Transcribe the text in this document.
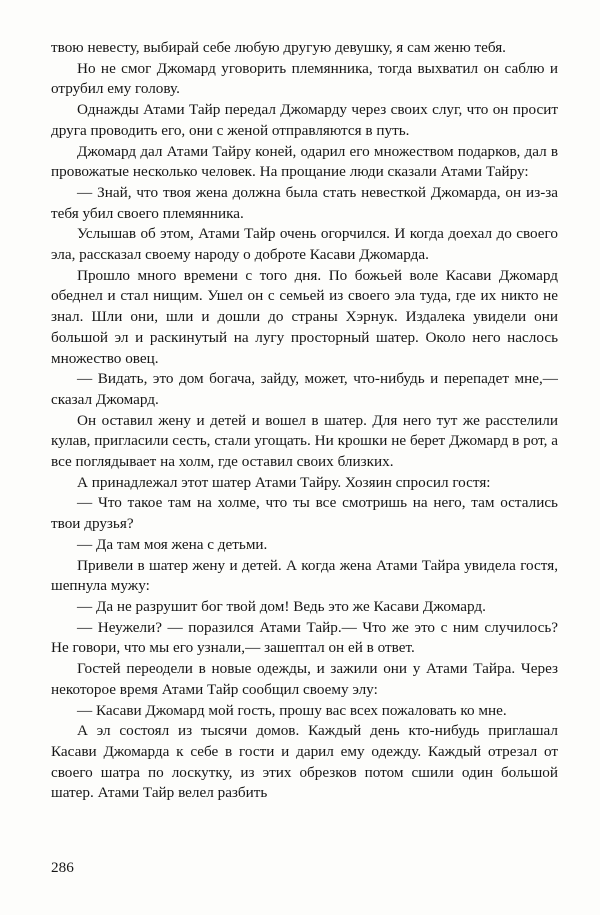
твою невесту, выбирай себе любую другую девушку, я сам женю тебя.

Но не смог Джомард уговорить племянника, тогда выхватил он саблю и отрубил ему голову.

Однажды Атами Тайр передал Джомарду через своих слуг, что он просит друга проводить его, они с женой отправляются в путь.

Джомард дал Атами Тайру коней, одарил его множеством подарков, дал в провожатые несколько человек. На прощание люди сказали Атами Тайру:

— Знай, что твоя жена должна была стать невесткой Джомарда, он из-за тебя убил своего племянника.

Услышав об этом, Атами Тайр очень огорчился. И когда доехал до своего эла, рассказал своему народу о доброте Касави Джомарда.

Прошло много времени с того дня. По божьей воле Касави Джомард обеднел и стал нищим. Ушел он с семьей из своего эла туда, где их никто не знал. Шли они, шли и дошли до страны Хэрнук. Издалека увидели они большой эл и раскинутый на лугу просторный шатер. Около него наслось множество овец.

— Видать, это дом богача, зайду, может, что-нибудь и перепадет мне,— сказал Джомард.

Он оставил жену и детей и вошел в шатер. Для него тут же расстелили кулав, пригласили сесть, стали угощать. Ни крошки не берет Джомард в рот, а все поглядывает на холм, где оставил своих близких.

А принадлежал этот шатер Атами Тайру. Хозяин спросил гостя:

— Что такое там на холме, что ты все смотришь на него, там остались твои друзья?

— Да там моя жена с детьми.

Привели в шатер жену и детей. А когда жена Атами Тайра увидела гостя, шепнула мужу:

— Да не разрушит бог твой дом! Ведь это же Касави Джомард.

— Неужели? — поразился Атами Тайр.— Что же это с ним случилось? Не говори, что мы его узнали,— зашептал он ей в ответ.

Гостей переодели в новые одежды, и зажили они у Атами Тайра. Через некоторое время Атами Тайр сообщил своему элу:

— Касави Джомард мой гость, прошу вас всех пожаловать ко мне.

А эл состоял из тысячи домов. Каждый день кто-нибудь приглашал Касави Джомарда к себе в гости и дарил ему одежду. Каждый отрезал от своего шатра по лоскутку, из этих обрезков потом сшили один большой шатер. Атами Тайр велел разбить

286
